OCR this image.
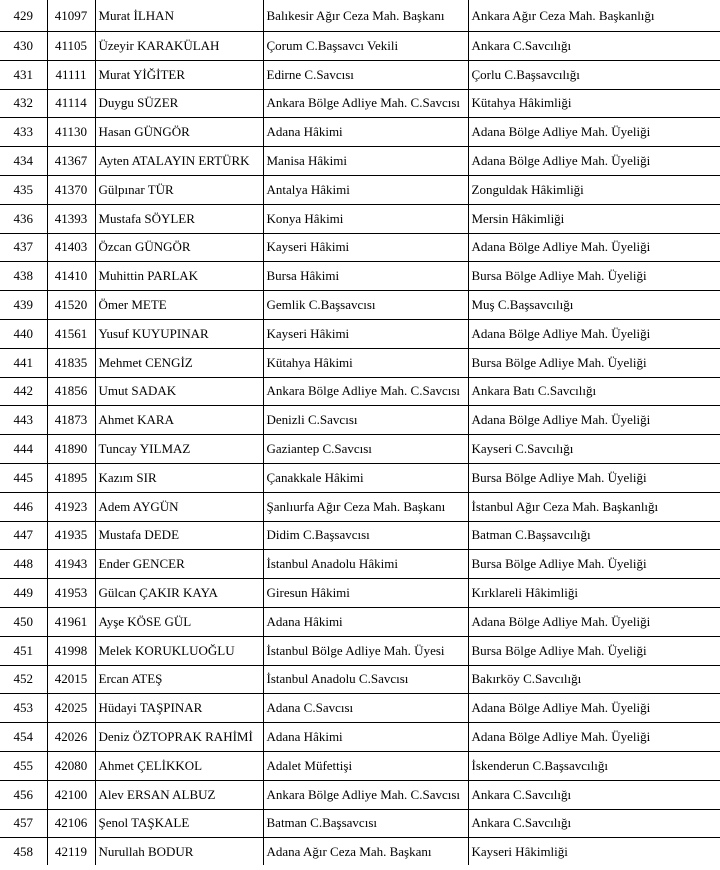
429	41097	Murat İLHAN	Balıkesir Ağır Ceza Mah. Başkanı	Ankara Ağır Ceza Mah. Başkanlığı
430	41105	Üzeyir KARAKÜLAH	Çorum C.Başsavcı Vekili	Ankara C.Savcılığı
431	41111	Murat YİĞİTER	Edirne C.Savcısı	Çorlu C.Başsavcılığı
432	41114	Duygu SÜZER	Ankara Bölge Adliye Mah. C.Savcısı	Kütahya Hâkimliği
433	41130	Hasan GÜNGÖR	Adana Hâkimi	Adana Bölge Adliye Mah. Üyeliği
434	41367	Ayten ATALAYIN ERTÜRK	Manisa Hâkimi	Adana Bölge Adliye Mah. Üyeliği
435	41370	Gülpınar TÜR	Antalya Hâkimi	Zonguldak Hâkimliği
436	41393	Mustafa SÖYLER	Konya Hâkimi	Mersin Hâkimliği
437	41403	Özcan GÜNGÖR	Kayseri Hâkimi	Adana Bölge Adliye Mah. Üyeliği
438	41410	Muhittin PARLAK	Bursa Hâkimi	Bursa Bölge Adliye Mah. Üyeliği
439	41520	Ömer METE	Gemlik C.Başsavcısı	Muş C.Başsavcılığı
440	41561	Yusuf KUYUPINAR	Kayseri Hâkimi	Adana Bölge Adliye Mah. Üyeliği
441	41835	Mehmet CENGİZ	Kütahya Hâkimi	Bursa Bölge Adliye Mah. Üyeliği
442	41856	Umut SADAK	Ankara Bölge Adliye Mah. C.Savcısı	Ankara Batı C.Savcılığı
443	41873	Ahmet KARA	Denizli C.Savcısı	Adana Bölge Adliye Mah. Üyeliği
444	41890	Tuncay YILMAZ	Gaziantep C.Savcısı	Kayseri C.Savcılığı
445	41895	Kazım SIR	Çanakkale Hâkimi	Bursa Bölge Adliye Mah. Üyeliği
446	41923	Adem AYGÜN	Şanlıurfa Ağır Ceza Mah. Başkanı	İstanbul Ağır Ceza Mah. Başkanlığı
447	41935	Mustafa DEDE	Didim C.Başsavcısı	Batman C.Başsavcılığı
448	41943	Ender GENCER	İstanbul Anadolu Hâkimi	Bursa Bölge Adliye Mah. Üyeliği
449	41953	Gülcan ÇAKIR KAYA	Giresun Hâkimi	Kırklareli Hâkimliği
450	41961	Ayşe KÖSE GÜL	Adana Hâkimi	Adana Bölge Adliye Mah. Üyeliği
451	41998	Melek KORUKLUOĞLU	İstanbul Bölge Adliye Mah. Üyesi	Bursa Bölge Adliye Mah. Üyeliği
452	42015	Ercan ATEŞ	İstanbul Anadolu C.Savcısı	Bakırköy C.Savcılığı
453	42025	Hüdayi TAŞPINAR	Adana C.Savcısı	Adana Bölge Adliye Mah. Üyeliği
454	42026	Deniz ÖZTOPRAK RAHİMİ	Adana Hâkimi	Adana Bölge Adliye Mah. Üyeliği
455	42080	Ahmet ÇELİKKOL	Adalet Müfettişi	İskenderun C.Başsavcılığı
456	42100	Alev ERSAN ALBUZ	Ankara Bölge Adliye Mah. C.Savcısı	Ankara C.Savcılığı
457	42106	Şenol TAŞKALE	Batman C.Başsavcısı	Ankara C.Savcılığı
458	42119	Nurullah BODUR	Adana Ağır Ceza Mah. Başkanı	Kayseri Hâkimliği
